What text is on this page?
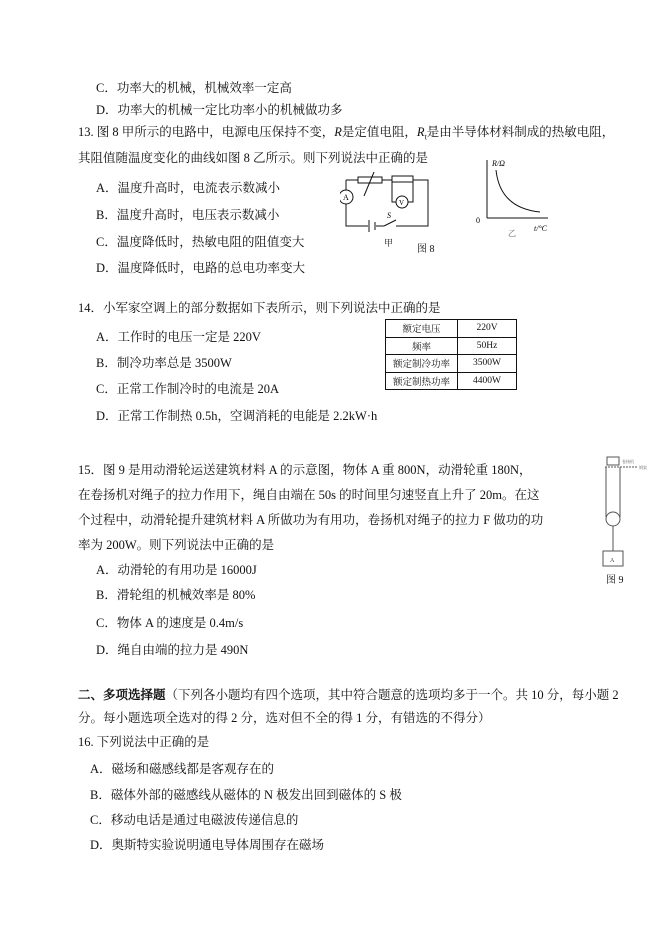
C．功率大的机械，机械效率一定高
D．功率大的机械一定比功率小的机械做功多
13. 图 8 甲所示的电路中，电源电压保持不变，R是定值电阻，$R_t$是由半导体材料制成的热敏电阻，
其阻值随温度变化的曲线如图 8 乙所示。则下列说法中正确的是
A．温度升高时，电流表示数减小
B．温度升高时，电压表示数减小
C．温度降低时，热敏电阻的阻值变大
D．温度降低时，电路的总电功率变大
A
V
S
甲
图 8
R/Ω
0
t/°C
乙
14．小军家空调上的部分数据如下表所示，则下列说法中正确的是
A．工作时的电压一定是 220V
B．制冷功率总是 3500W
C．正常工作制冷时的电流是 20A
D．正常工作制热 0.5h，空调消耗的电能是 2.2kW·h
额定电压	220V
频率	50Hz
额定制冷功率	3500W
额定制热功率	4400W
15．图 9 是用动滑轮运送建筑材料 A 的示意图，物体 A 重 800N，动滑轮重 180N，
在卷扬机对绳子的拉力作用下，绳自由端在 50s 的时间里匀速竖直上升了 20m。在这
个过程中，动滑轮提升建筑材料 A 所做功为有用功，卷扬机对绳子的拉力 F 做功的功
率为 200W。则下列说法中正确的是
A．动滑轮的有用功是 16000J
B．滑轮组的机械效率是 80%
C．物体 A 的速度是 0.4m/s
D．绳自由端的拉力是 490N
卷扬机
钢架
A
图 9
二、多项选择题（下列各小题均有四个选项，其中符合题意的选项均多于一个。共 10 分，每小题 2
分。每小题选项全选对的得 2 分，选对但不全的得 1 分，有错选的不得分）
16. 下列说法中正确的是
A．磁场和磁感线都是客观存在的
B．磁体外部的磁感线从磁体的 N 极发出回到磁体的 S 极
C．移动电话是通过电磁波传递信息的
D．奥斯特实验说明通电导体周围存在磁场
